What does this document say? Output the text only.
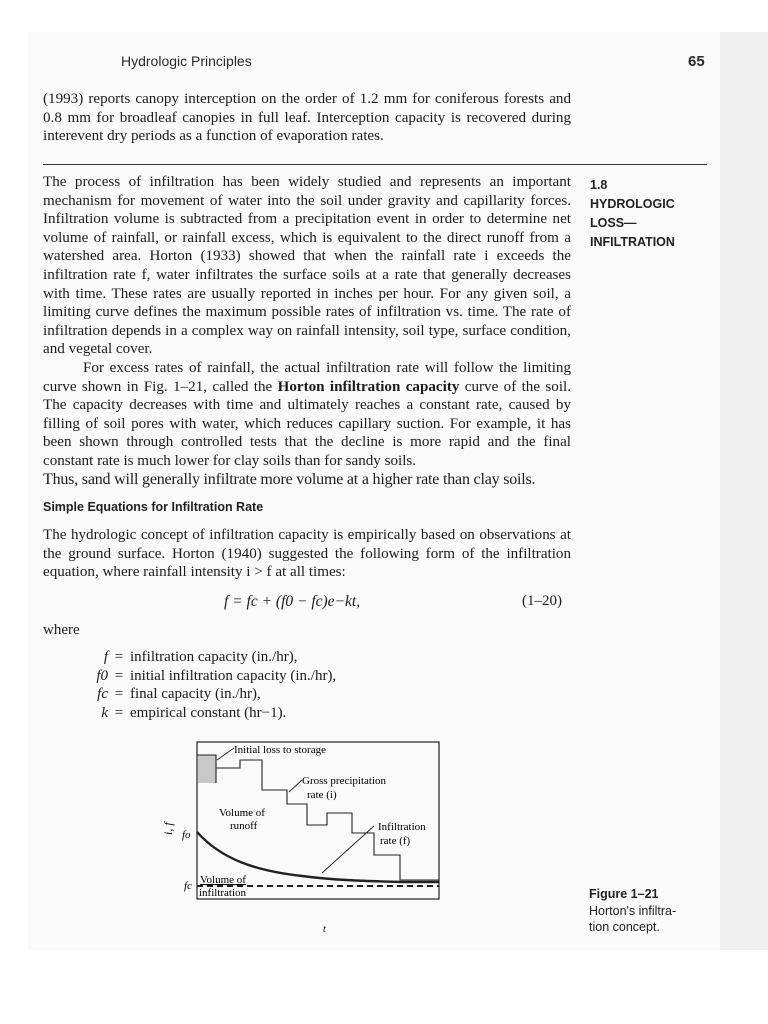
Hydrologic Principles	65

(1993) reports canopy interception on the order of 1.2 mm for coniferous forests and 0.8 mm for broadleaf canopies in full leaf. Interception capacity is recovered during interevent dry periods as a function of evaporation rates.

1.8
HYDROLOGIC
LOSS—
INFILTRATION

The process of infiltration has been widely studied and represents an important mechanism for movement of water into the soil under gravity and capillarity forces. Infiltration volume is subtracted from a precipitation event in order to determine net volume of rainfall, or rainfall excess, which is equivalent to the direct runoff from a watershed area. Horton (1933) showed that when the rainfall rate i exceeds the infiltration rate f, water infiltrates the surface soils at a rate that generally decreases with time. These rates are usually reported in inches per hour. For any given soil, a limiting curve defines the maximum possible rates of infiltration vs. time. The rate of infiltration depends in a complex way on rainfall intensity, soil type, surface condition, and vegetal cover.

For excess rates of rainfall, the actual infiltration rate will follow the limiting curve shown in Fig. 1–21, called the Horton infiltration capacity curve of the soil. The capacity decreases with time and ultimately reaches a constant rate, caused by filling of soil pores with water, which reduces capillary suction. For example, it has been shown through controlled tests that the decline is more rapid and the final constant rate is much lower for clay soils than for sandy soils.

Thus, sand will generally infiltrate more volume at a higher rate than clay soils.

Simple Equations for Infiltration Rate

The hydrologic concept of infiltration capacity is empirically based on observations at the ground surface. Horton (1940) suggested the following form of the infiltration equation, where rainfall intensity i > f at all times:

f = fc + (f0 − fc)e−kt,	(1–20)
where
f = infiltration capacity (in./hr),
f0 = initial infiltration capacity (in./hr),
fc = final capacity (in./hr),
k = empirical constant (hr−1).
Initial loss to storage
Gross precipitation
rate (i)
Volume of
runoff	Infiltration
rate (f)
Volume of
infiltration
fo
fc
i, f
t
Figure 1–21
Horton's infiltra-
tion concept.
